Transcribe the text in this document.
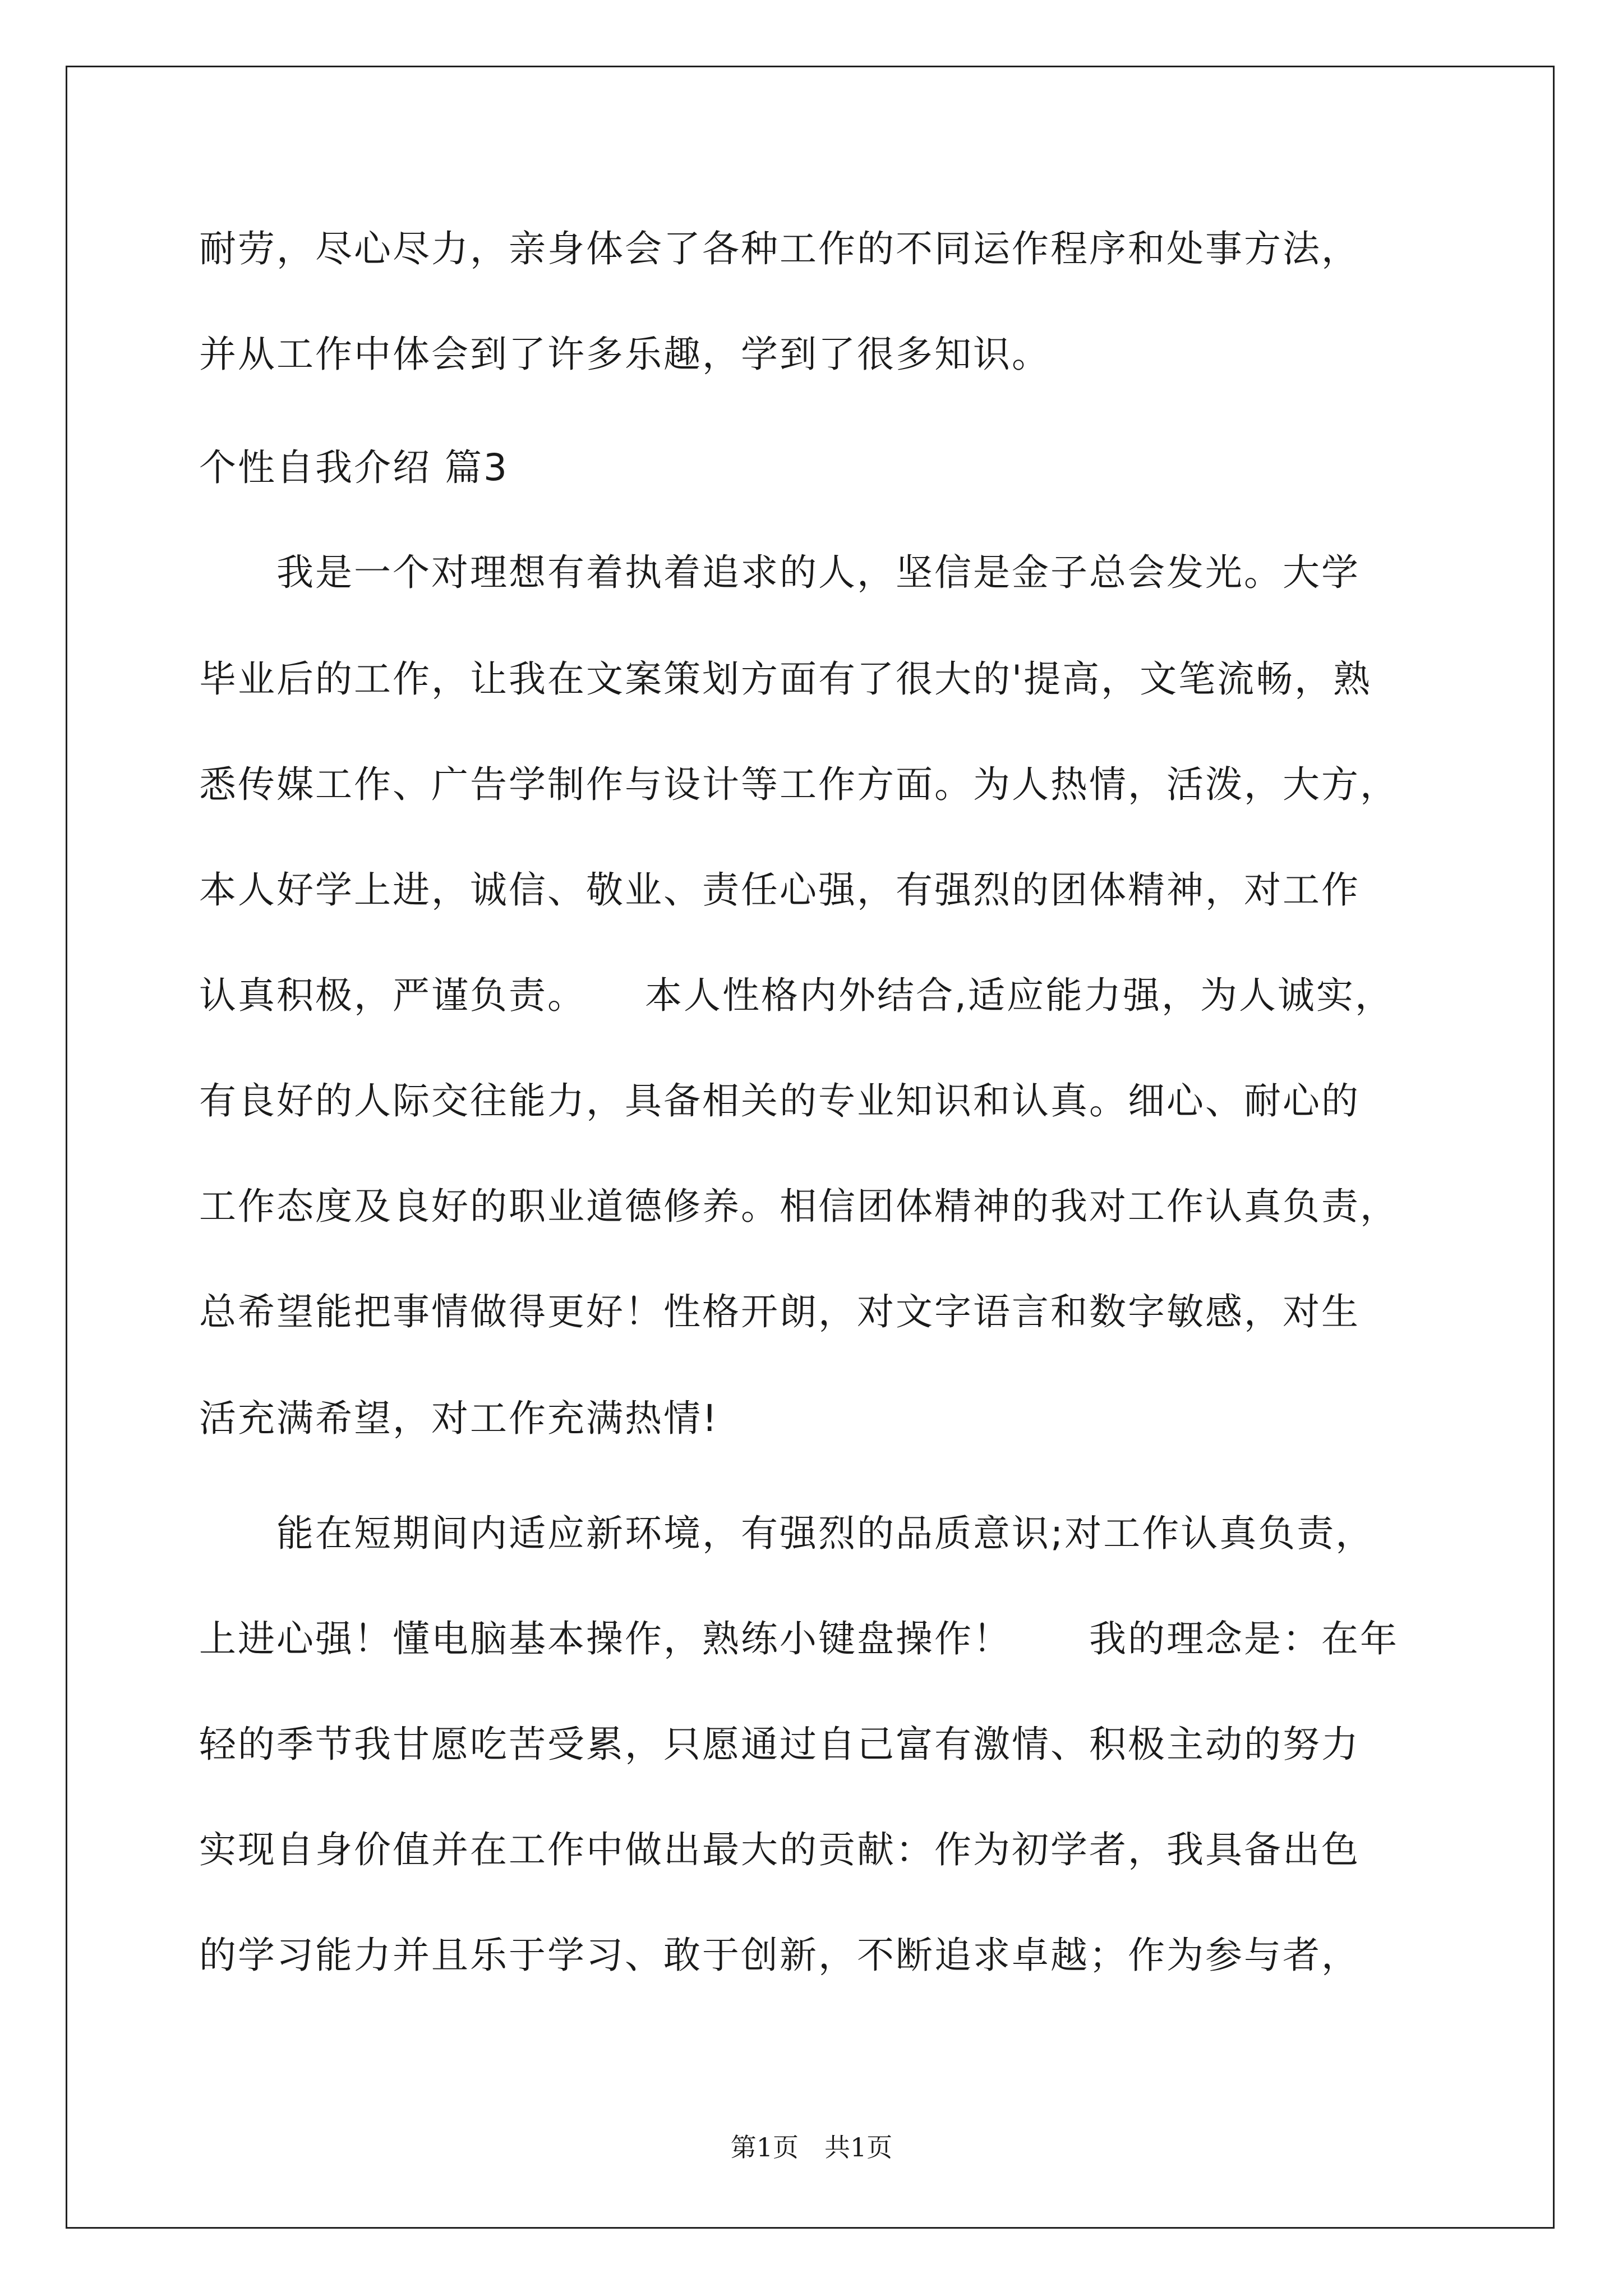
耐劳，尽心尽力，亲身体会了各种工作的不同运作程序和处事方法，

并从工作中体会到了许多乐趣，学到了很多知识。

个性自我介绍 篇3

　　我是一个对理想有着执着追求的人，坚信是金子总会发光。大学

毕业后的工作，让我在文案策划方面有了很大的'提高，文笔流畅，熟

悉传媒工作、广告学制作与设计等工作方面。为人热情，活泼，大方，

本人好学上进，诚信、敬业、责任心强，有强烈的团体精神，对工作

认真积极，严谨负责。　　本人性格内外结合,适应能力强，为人诚实，

有良好的人际交往能力，具备相关的专业知识和认真。细心、耐心的

工作态度及良好的职业道德修养。相信团体精神的我对工作认真负责，

总希望能把事情做得更好！性格开朗，对文字语言和数字敏感，对生

活充满希望，对工作充满热情!

　　能在短期间内适应新环境，有强烈的品质意识;对工作认真负责，

上进心强！懂电脑基本操作，熟练小键盘操作！　　我的理念是：在年

轻的季节我甘愿吃苦受累，只愿通过自己富有激情、积极主动的努力

实现自身价值并在工作中做出最大的贡献：作为初学者，我具备出色

的学习能力并且乐于学习、敢于创新，不断追求卓越；作为参与者，

第1页　共1页
